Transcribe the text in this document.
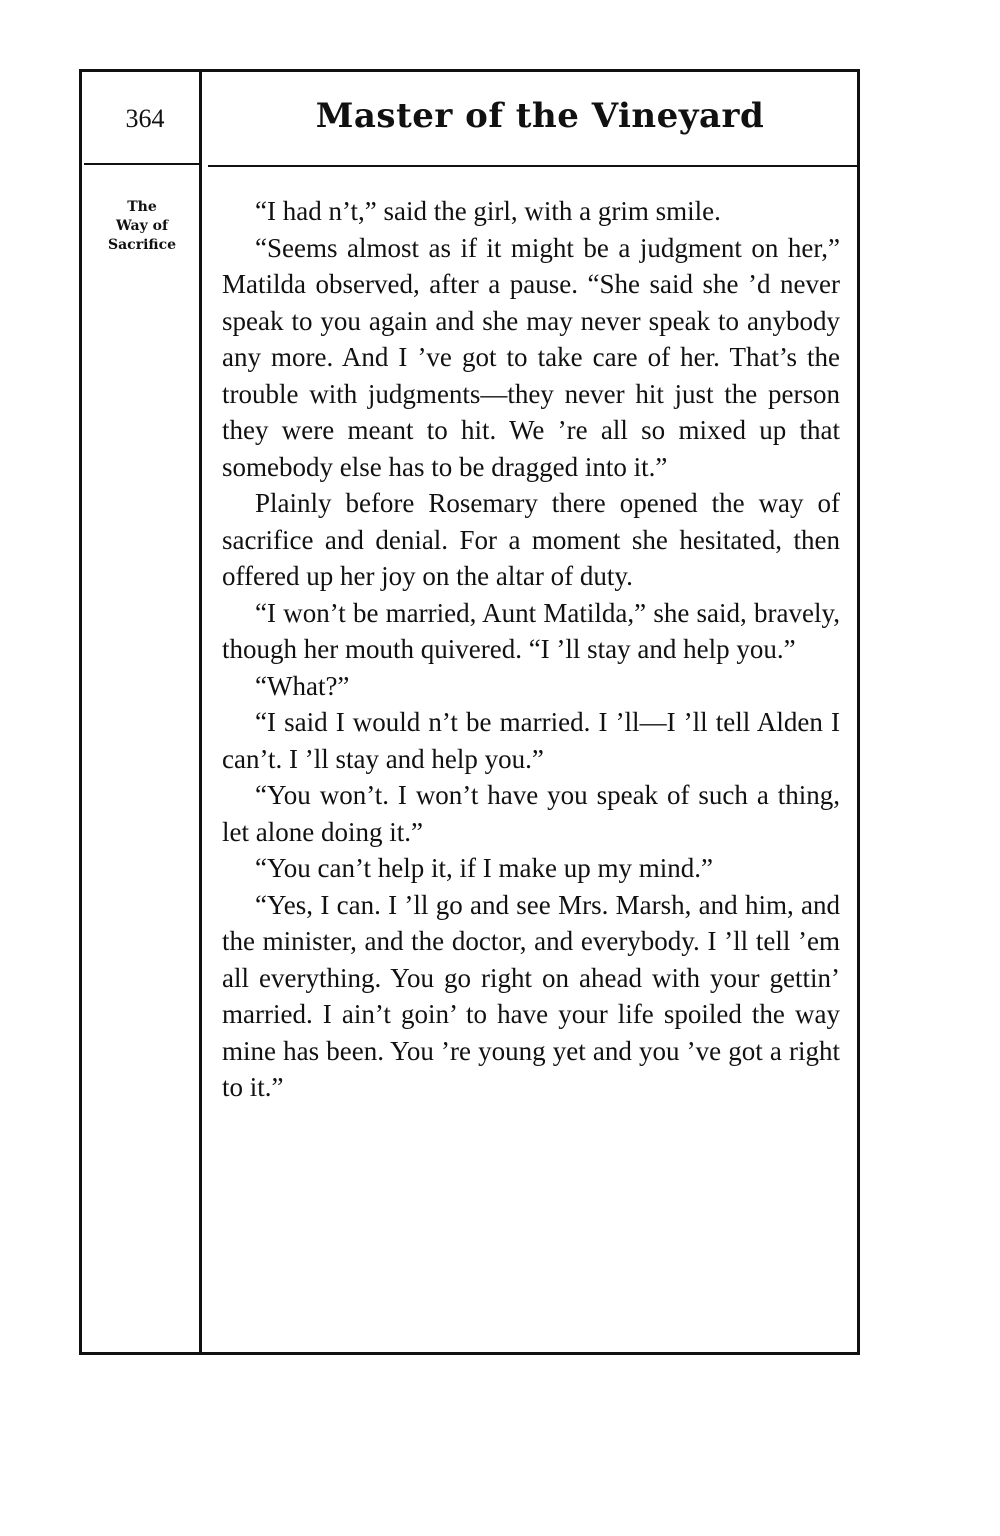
364	Master of the Vineyard
The
Way of
Sacrifice

“I had n’t,” said the girl, with a grim smile.

“Seems almost as if it might be a judgment on her,” Matilda observed, after a pause. “She said she ’d never speak to you again and she may never speak to anybody any more. And I ’ve got to take care of her. That’s the trouble with judgments—they never hit just the person they were meant to hit. We ’re all so mixed up that somebody else has to be dragged into it.”

Plainly before Rosemary there opened the way of sacrifice and denial. For a moment she hesitated, then offered up her joy on the altar of duty.

“I won’t be married, Aunt Matilda,” she said, bravely, though her mouth quivered. “I ’ll stay and help you.”

“What?”

“I said I would n’t be married. I ’ll—I ’ll tell Alden I can’t. I ’ll stay and help you.”

“You won’t. I won’t have you speak of such a thing, let alone doing it.”

“You can’t help it, if I make up my mind.”

“Yes, I can. I ’ll go and see Mrs. Marsh, and him, and the minister, and the doctor, and everybody. I ’ll tell ’em all everything. You go right on ahead with your gettin’ married. I ain’t goin’ to have your life spoiled the way mine has been. You ’re young yet and you ’ve got a right to it.”
